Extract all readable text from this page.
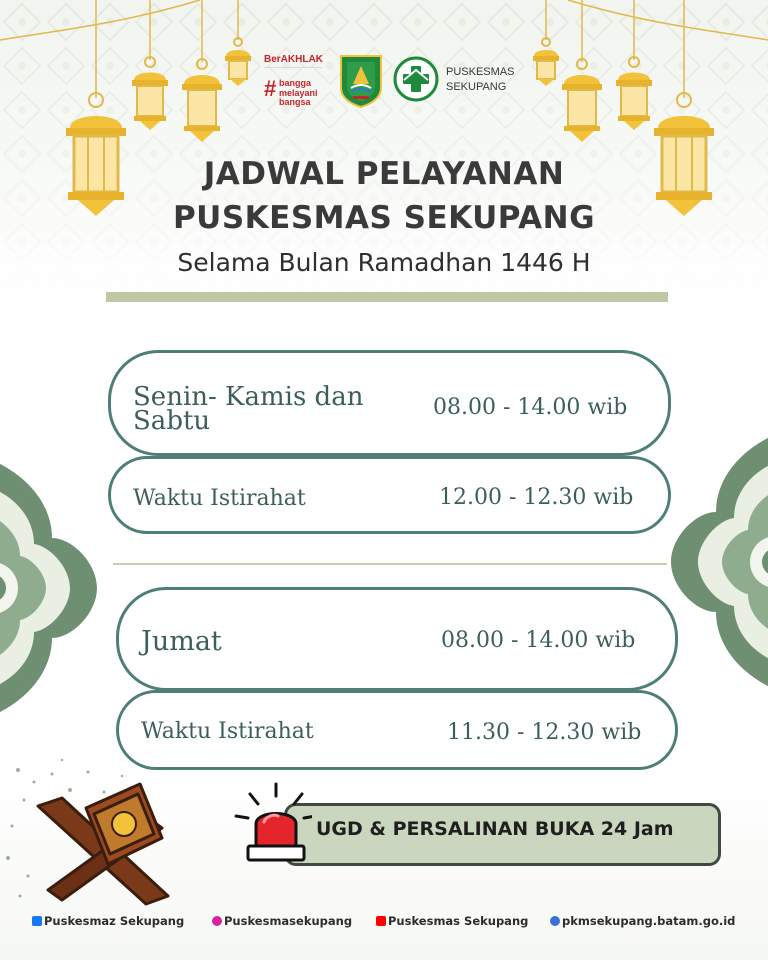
BerAKHLAK
# bangga
melayani
bangsa
PUSKESMAS
SEKUPANG
JADWAL PELAYANAN
PUSKESMAS SEKUPANG
Selama Bulan Ramadhan 1446 H
Senin- Kamis dan Sabtu	08.00 - 14.00 wib
Waktu Istirahat	12.00 - 12.30 wib
Jumat	08.00 - 14.00 wib
Waktu Istirahat	11.30 - 12.30 wib
UGD & PERSALINAN BUKA 24 Jam
Puskesmaz Sekupang	Puskesmasekupang	Puskesmas Sekupang	pkmsekupang.batam.go.id
